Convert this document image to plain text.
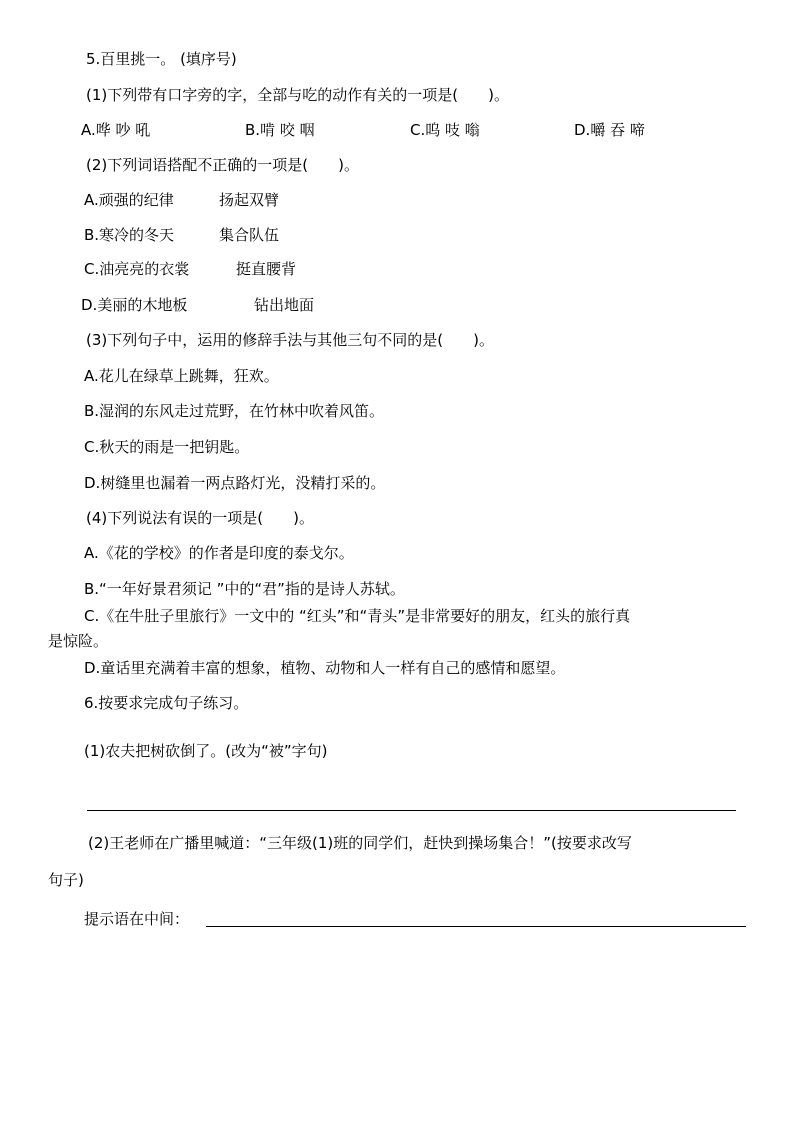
5.百里挑一。 (填序号)
(1)下列带有口字旁的字，全部与吃的动作有关的一项是(　　)。
A.哗 吵 吼	B.啃 咬 咽	C.呜 吱 嗡	D.嚼 吞 啼
(2)下列词语搭配不正确的一项是(　　)。
A.顽强的纪律	扬起双臂
B.寒冷的冬天	集合队伍
C.油亮亮的衣裳	挺直腰背
D.美丽的木地板	钻出地面
(3)下列句子中，运用的修辞手法与其他三句不同的是(　　)。
A.花儿在绿草上跳舞，狂欢。
B.湿润的东风走过荒野，在竹林中吹着风笛。
C.秋天的雨是一把钥匙。
D.树缝里也漏着一两点路灯光，没精打采的。
(4)下列说法有误的一项是(　　)。
A.《花的学校》的作者是印度的泰戈尔。
B.“一年好景君须记 ”中的“君”指的是诗人苏轼。
C.《在牛肚子里旅行》一文中的 “红头”和“青头”是非常要好的朋友，红头的旅行真
是惊险。
D.童话里充满着丰富的想象，植物、动物和人一样有自己的感情和愿望。
6.按要求完成句子练习。
(1)农夫把树砍倒了。(改为“被”字句)
(2)王老师在广播里喊道：“三年级(1)班的同学们，赶快到操场集合！”(按要求改写
句子)
提示语在中间：
